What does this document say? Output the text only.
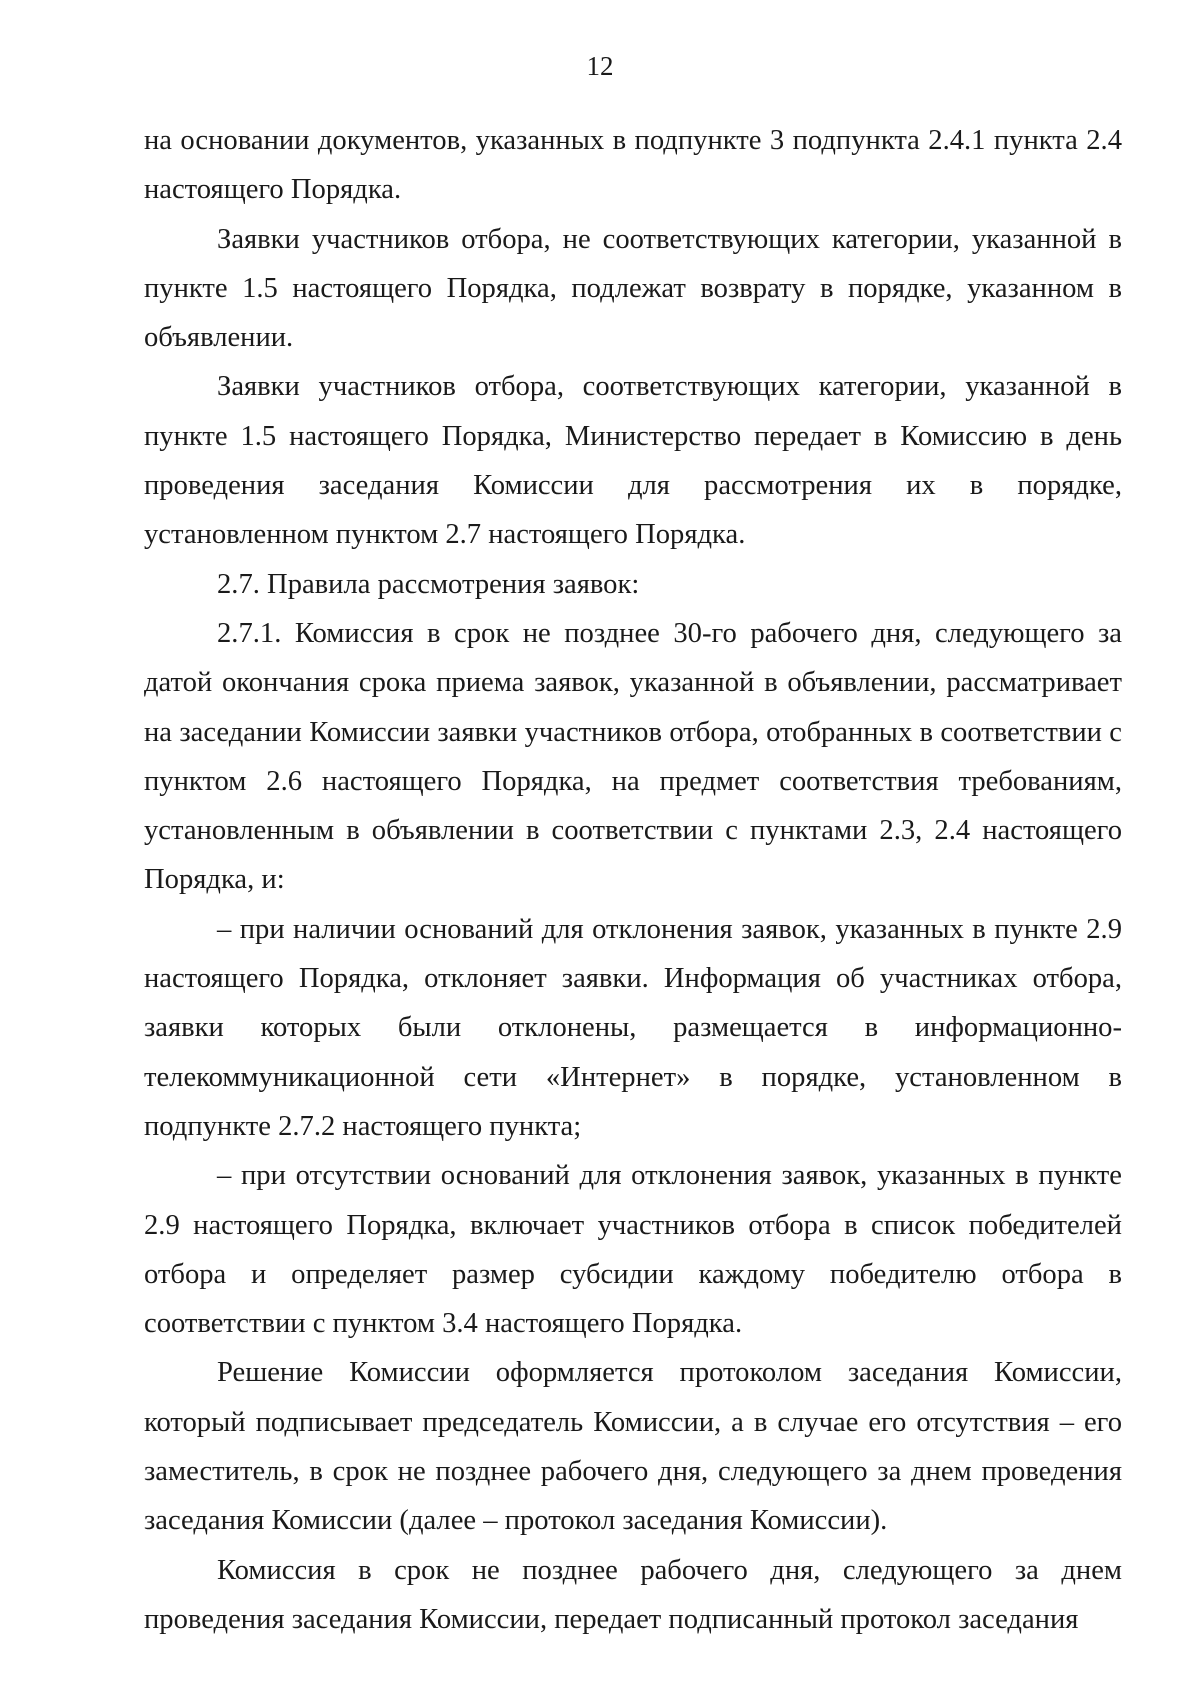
12

на основании документов, указанных в подпункте 3 подпункта 2.4.1 пункта 2.4 настоящего Порядка.

Заявки участников отбора, не соответствующих категории, указанной в пункте 1.5 настоящего Порядка, подлежат возврату в порядке, указанном в объявлении.

Заявки участников отбора, соответствующих категории, указанной в пункте 1.5 настоящего Порядка, Министерство передает в Комиссию в день проведения заседания Комиссии для рассмотрения их в порядке, установленном пунктом 2.7 настоящего Порядка.

2.7. Правила рассмотрения заявок:

2.7.1. Комиссия в срок не позднее 30-го рабочего дня, следующего за датой окончания срока приема заявок, указанной в объявлении, рассматривает на заседании Комиссии заявки участников отбора, отобранных в соответствии с пунктом 2.6 настоящего Порядка, на предмет соответствия требованиям, установленным в объявлении в соответствии с пунктами 2.3, 2.4 настоящего Порядка, и:

– при наличии оснований для отклонения заявок, указанных в пункте 2.9 настоящего Порядка, отклоняет заявки. Информация об участниках отбора, заявки которых были отклонены, размещается в информационно-телекоммуникационной сети «Интернет» в порядке, установленном в подпункте 2.7.2 настоящего пункта;

– при отсутствии оснований для отклонения заявок, указанных в пункте 2.9 настоящего Порядка, включает участников отбора в список победителей отбора и определяет размер субсидии каждому победителю отбора в соответствии с пунктом 3.4 настоящего Порядка.

Решение Комиссии оформляется протоколом заседания Комиссии, который подписывает председатель Комиссии, а в случае его отсутствия – его заместитель, в срок не позднее рабочего дня, следующего за днем проведения заседания Комиссии (далее – протокол заседания Комиссии).

Комиссия в срок не позднее рабочего дня, следующего за днем проведения заседания Комиссии, передает подписанный протокол заседания
